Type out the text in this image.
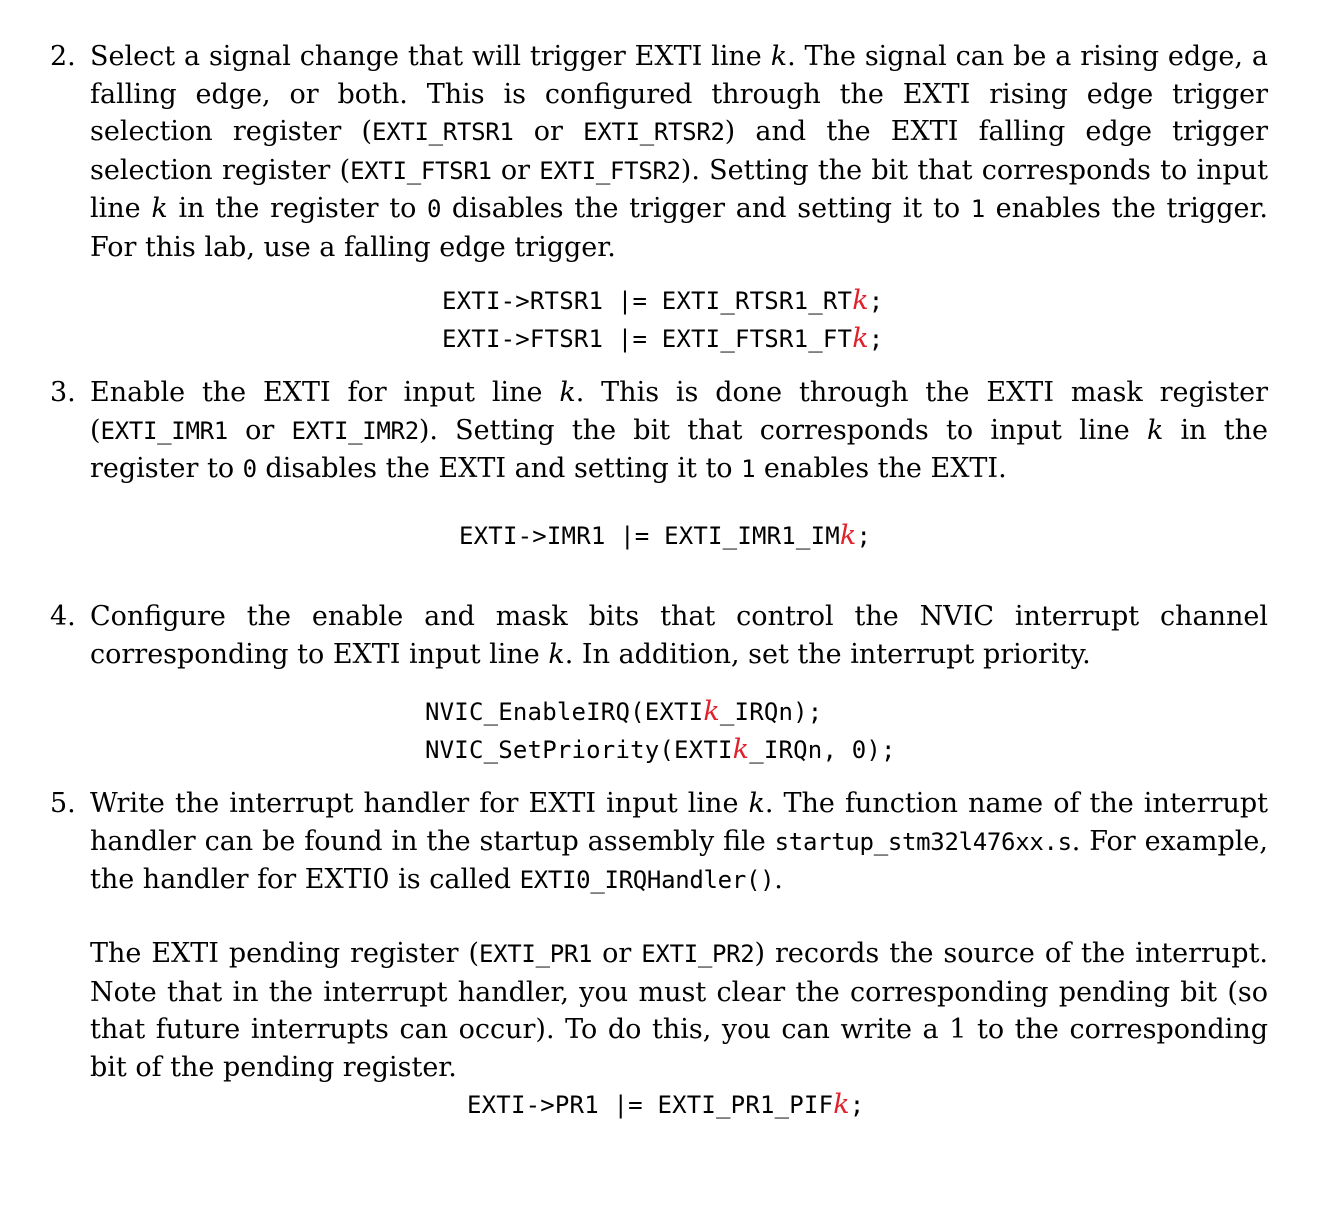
2. Select a signal change that will trigger EXTI line k. The signal can be a rising edge, a falling edge, or both. This is configured through the EXTI rising edge trigger selection register (EXTI_RTSR1 or EXTI_RTSR2) and the EXTI falling edge trigger selection register (EXTI_FTSR1 or EXTI_FTSR2). Setting the bit that corresponds to input line k in the register to 0 disables the trigger and setting it to 1 enables the trigger. For this lab, use a falling edge trigger.
EXTI->RTSR1 |= EXTI_RTSR1_RTk;
EXTI->FTSR1 |= EXTI_FTSR1_FTk;
3. Enable the EXTI for input line k. This is done through the EXTI mask register (EXTI_IMR1 or EXTI_IMR2). Setting the bit that corresponds to input line k in the register to 0 disables the EXTI and setting it to 1 enables the EXTI.
EXTI->IMR1 |= EXTI_IMR1_IMk;
4. Configure the enable and mask bits that control the NVIC interrupt channel corresponding to EXTI input line k. In addition, set the interrupt priority.
NVIC_EnableIRQ(EXTIk_IRQn);
NVIC_SetPriority(EXTIk_IRQn, 0);
5. Write the interrupt handler for EXTI input line k. The function name of the interrupt handler can be found in the startup assembly file startup_stm32l476xx.s. For example, the handler for EXTI0 is called EXTI0_IRQHandler().
The EXTI pending register (EXTI_PR1 or EXTI_PR2) records the source of the interrupt. Note that in the interrupt handler, you must clear the corresponding pending bit (so that future interrupts can occur). To do this, you can write a 1 to the corresponding bit of the pending register.
EXTI->PR1 |= EXTI_PR1_PIFk;
